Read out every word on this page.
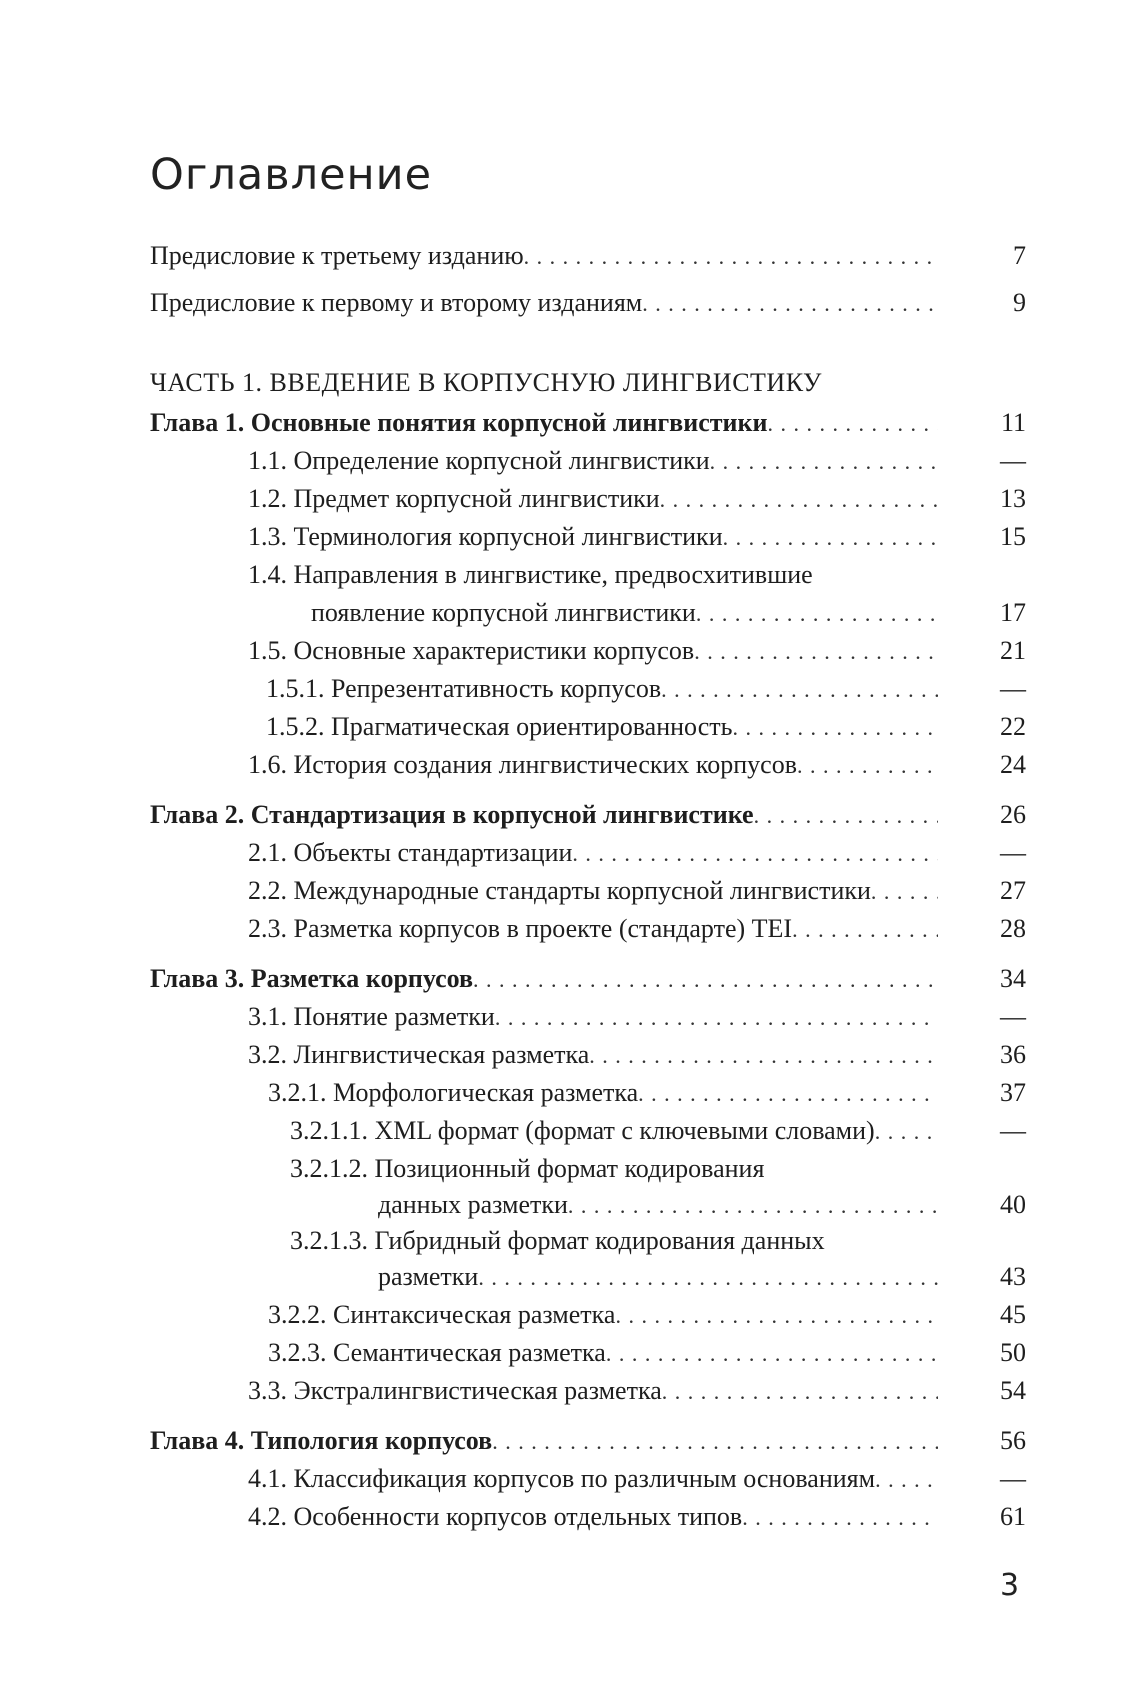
Оглавление
Предисловие к третьему изданию . . .	7
Предисловие к первому и второму изданиям . . .	9
ЧАСТЬ 1. ВВЕДЕНИЕ В КОРПУСНУЮ ЛИНГВИСТИКУ
Глава 1. Основные понятия корпусной лингвистики . . .	11
1.1. Определение корпусной лингвистики . . .	—
1.2. Предмет корпусной лингвистики . . .	13
1.3. Терминология корпусной лингвистики . . .	15
1.4. Направления в лингвистике, предвосхитившие
появление корпусной лингвистики . . .	17
1.5. Основные характеристики корпусов . . .	21
1.5.1. Репрезентативность корпусов . . .	—
1.5.2. Прагматическая ориентированность . . .	22
1.6. История создания лингвистических корпусов . . .	24
Глава 2. Стандартизация в корпусной лингвистике . . .	26
2.1. Объекты стандартизации . . .	—
2.2. Международные стандарты корпусной лингвистики . . .	27
2.3. Разметка корпусов в проекте (стандарте) TEI . . .	28
Глава 3. Разметка корпусов . . .	34
3.1. Понятие разметки . . .	—
3.2. Лингвистическая разметка . . .	36
3.2.1. Морфологическая разметка . . .	37
3.2.1.1. XML формат (формат с ключевыми словами) . . .	—
3.2.1.2. Позиционный формат кодирования
данных разметки . . .	40
3.2.1.3. Гибридный формат кодирования данных
разметки . . .	43
3.2.2. Синтаксическая разметка . . .	45
3.2.3. Семантическая разметка . . .	50
3.3. Экстралингвистическая разметка . . .	54
Глава 4. Типология корпусов . . .	56
4.1. Классификация корпусов по различным основаниям . . .	—
4.2. Особенности корпусов отдельных типов . . .	61
3
